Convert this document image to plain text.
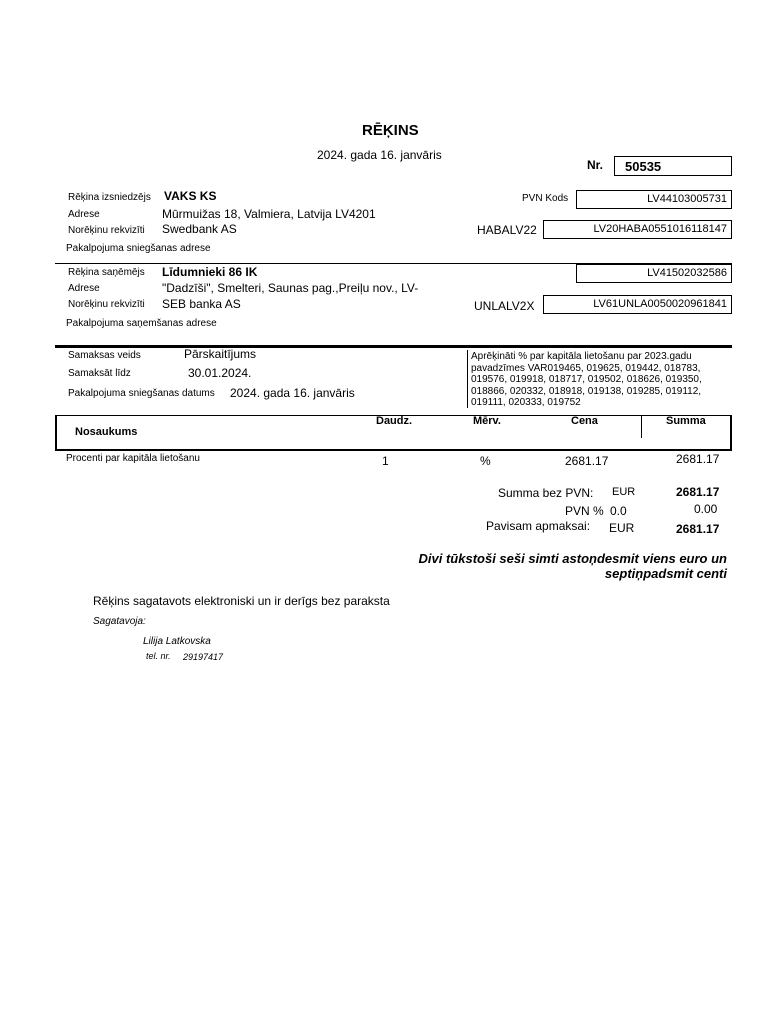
RĒĶINS
2024. gada 16. janvāris
Nr. 50535
Rēķina izsniedzējs VAKS KS
Adrese	Mūrmuižas 18, Valmiera, Latvija LV4201
Norēķinu rekvizīti Swedbank AS
Pakalpojuma sniegšanas adrese
PVN Kods	LV44103005731
HABALV22	LV20HABA0551016118147
Rēķina saņēmējs Līdumnieki 86 IK
Adrese	"Dadzīši", Smelteri, Saunas pag.,Preiļu nov., LV-
Norēķinu rekvizīti SEB banka AS
Pakalpojuma saņemšanas adrese
LV41502032586
UNLALV2X	LV61UNLA0050020961841
Samaksas veids	Pārskaitījums
Samaksāt līdz	30.01.2024.
Pakalpojuma sniegšanas datums 2024. gada 16. janvāris
Aprēķināti % par kapitāla lietošanu par 2023.gadu
pavadzīmes VAR019465, 019625, 019442, 018783,
019576, 019918, 018717, 019502, 018626, 019350,
018866, 020332, 018918, 019138, 019285, 019112,
019111, 020333, 019752
Nosaukums
Daudz.	Mērv.	Cena	Summa
Procenti par kapitāla lietošanu	1	%	2681.17	2681.17
Summa bez PVN: EUR	2681.17
PVN % 0.0	0.00
Pavisam apmaksai: EUR	2681.17
Divi tūkstoši seši simti astoņdesmit viens euro un
septiņpadsmit centi
Rēķins sagatavots elektroniski un ir derīgs bez paraksta
Sagatavoja:
Lilija Latkovska
tel. nr. 29197417
